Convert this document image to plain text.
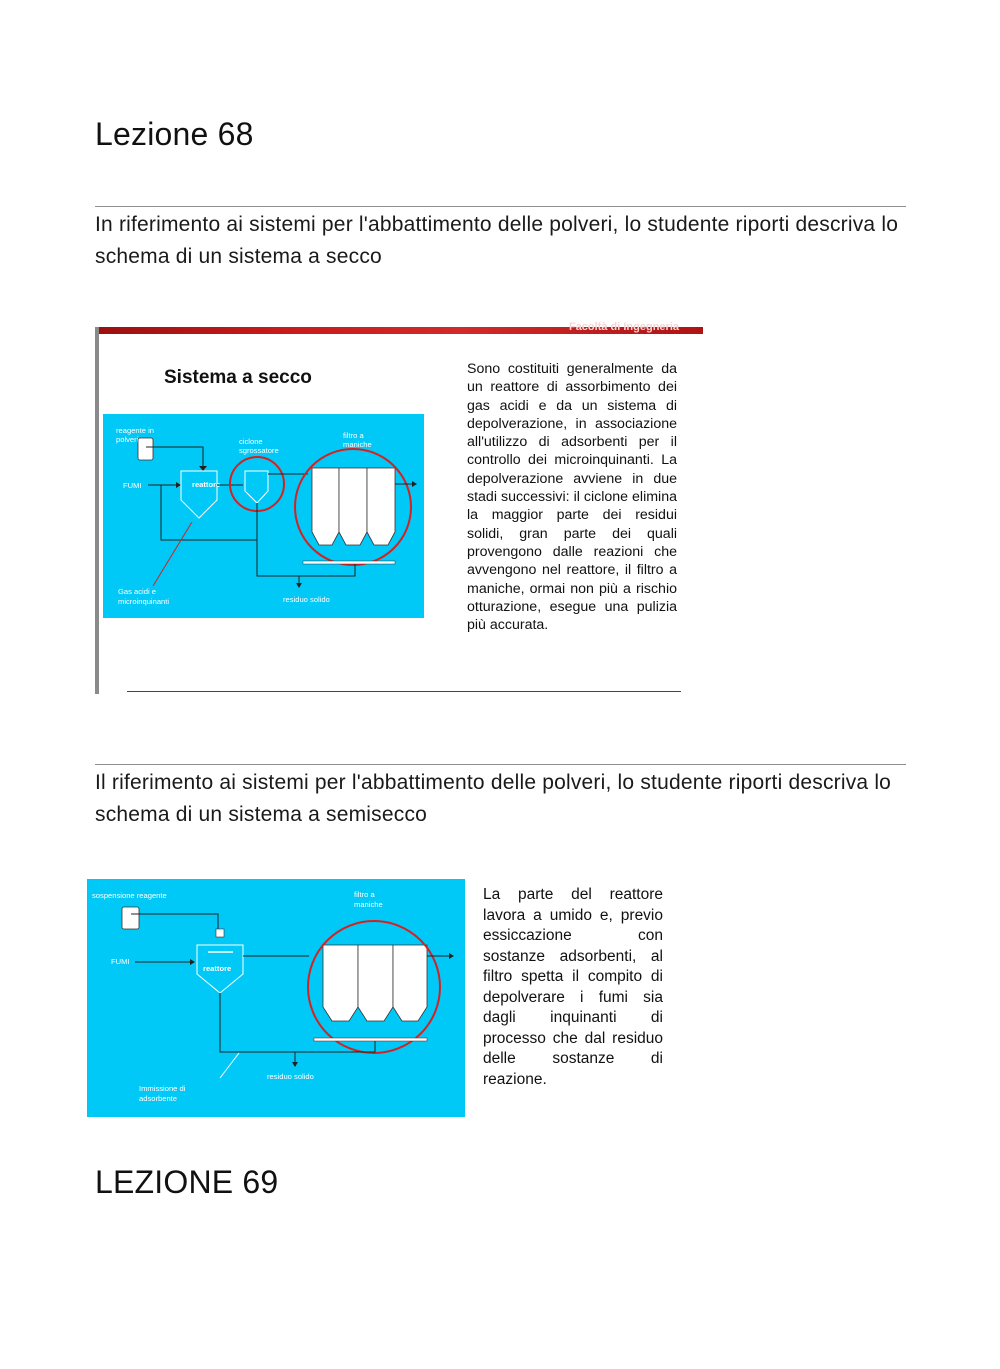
Lezione 68
In riferimento ai sistemi per l'abbattimento delle polveri, lo studente riporti descriva lo schema di un sistema a secco
Facoltà di Ingegneria
Sistema a secco
reagente in
polveri
FUMI	reattore
ciclone
sgrossatore
filtro a
maniche
residuo solido
Gas acidi e
microinquinanti
Sono costituiti generalmente da un reattore di assorbimento dei gas acidi e da un sistema di depolverazione, in associazione all'utilizzo di adsorbenti per il controllo dei microinquinanti. La depolverazione avviene in due stadi successivi: il ciclone elimina la maggior parte dei residui solidi, gran parte dei quali provengono dalle reazioni che avvengono nel reattore, il filtro a maniche, ormai non più a rischio otturazione, esegue una pulizia più accurata.
Il riferimento ai sistemi per l'abbattimento delle polveri, lo studente riporti descriva lo schema di un sistema a semisecco
sospensione reagente
FUMI
reattore
filtro a
maniche
residuo solido
Immissione di
adsorbente
La parte del reattore lavora a umido e, previo essiccazione con sostanze adsorbenti, al filtro spetta il compito di depolverare i fumi sia dagli inquinanti di processo che dal residuo delle sostanze di reazione.
LEZIONE 69
